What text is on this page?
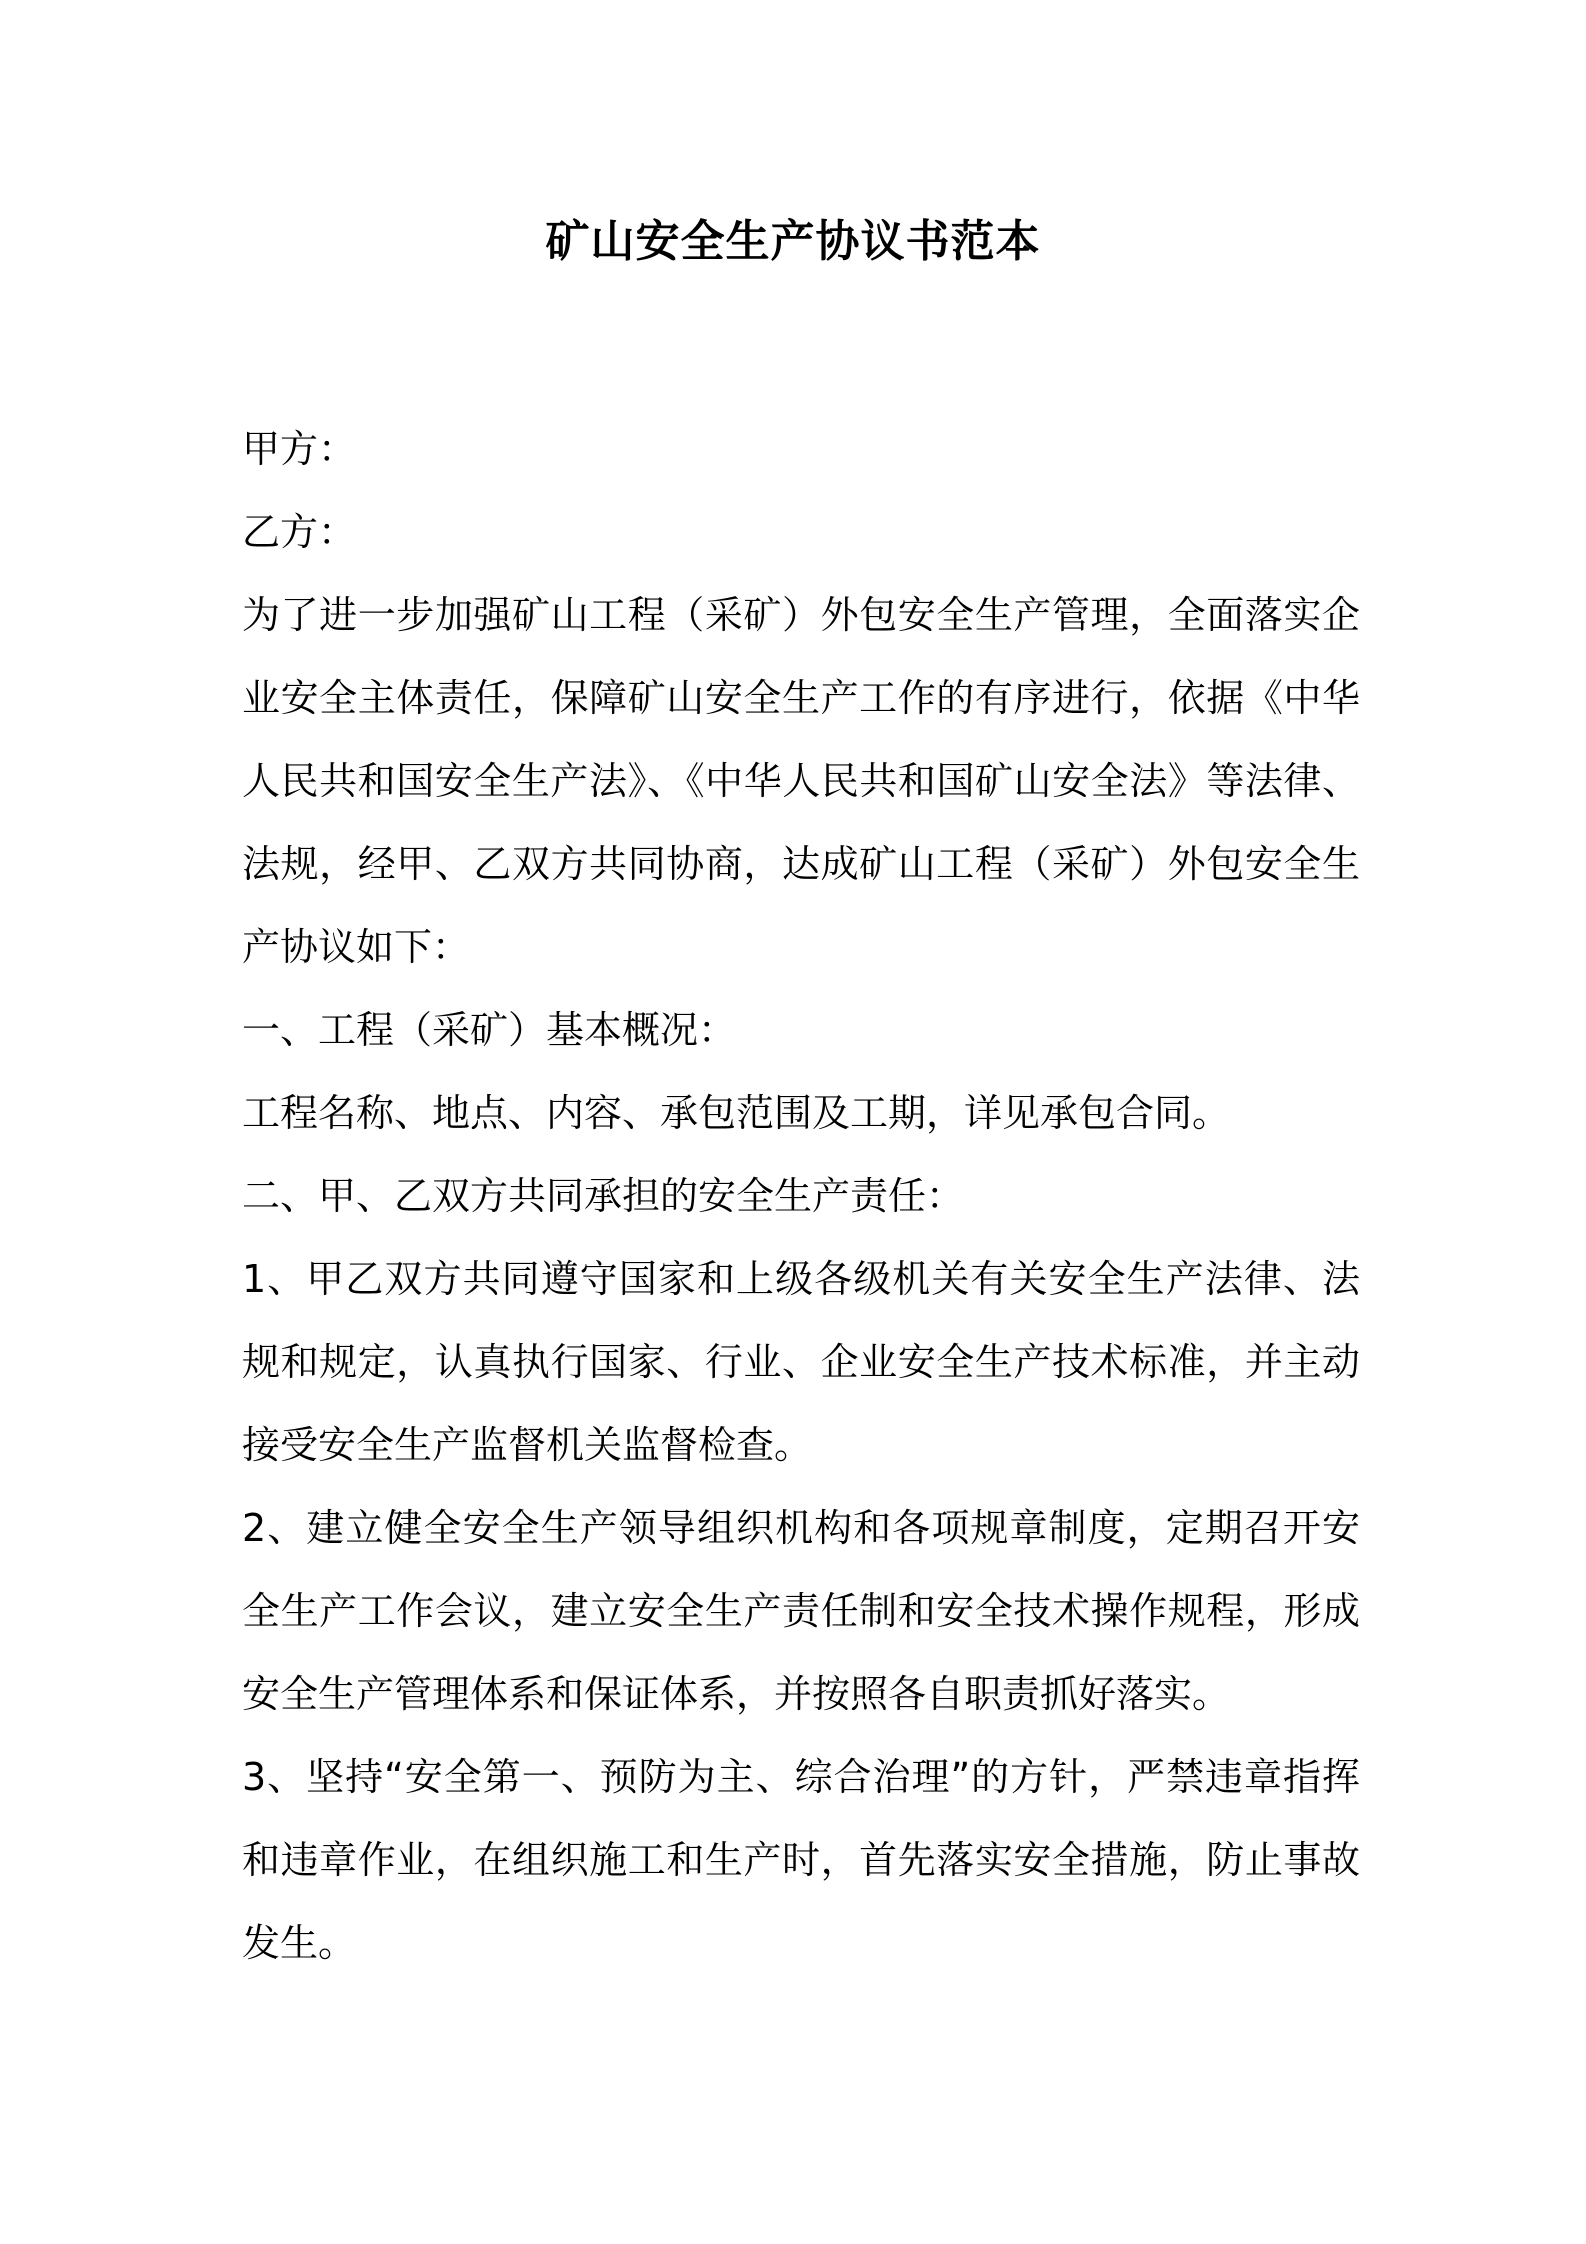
矿山安全生产协议书范本

甲方：

乙方：

为了进一步加强矿山工程（采矿）外包安全生产管理，全面落实企业安全主体责任，保障矿山安全生产工作的有序进行，依据《中华人民共和国安全生产法》、《中华人民共和国矿山安全法》等法律、法规，经甲、乙双方共同协商，达成矿山工程（采矿）外包安全生产协议如下：

一、工程（采矿）基本概况：

工程名称、地点、内容、承包范围及工期，详见承包合同。

二、甲、乙双方共同承担的安全生产责任：

1、甲乙双方共同遵守国家和上级各级机关有关安全生产法律、法规和规定，认真执行国家、行业、企业安全生产技术标准，并主动接受安全生产监督机关监督检查。

2、建立健全安全生产领导组织机构和各项规章制度，定期召开安全生产工作会议，建立安全生产责任制和安全技术操作规程，形成安全生产管理体系和保证体系，并按照各自职责抓好落实。

3、坚持“安全第一、预防为主、综合治理”的方针，严禁违章指挥和违章作业，在组织施工和生产时，首先落实安全措施，防止事故发生。
